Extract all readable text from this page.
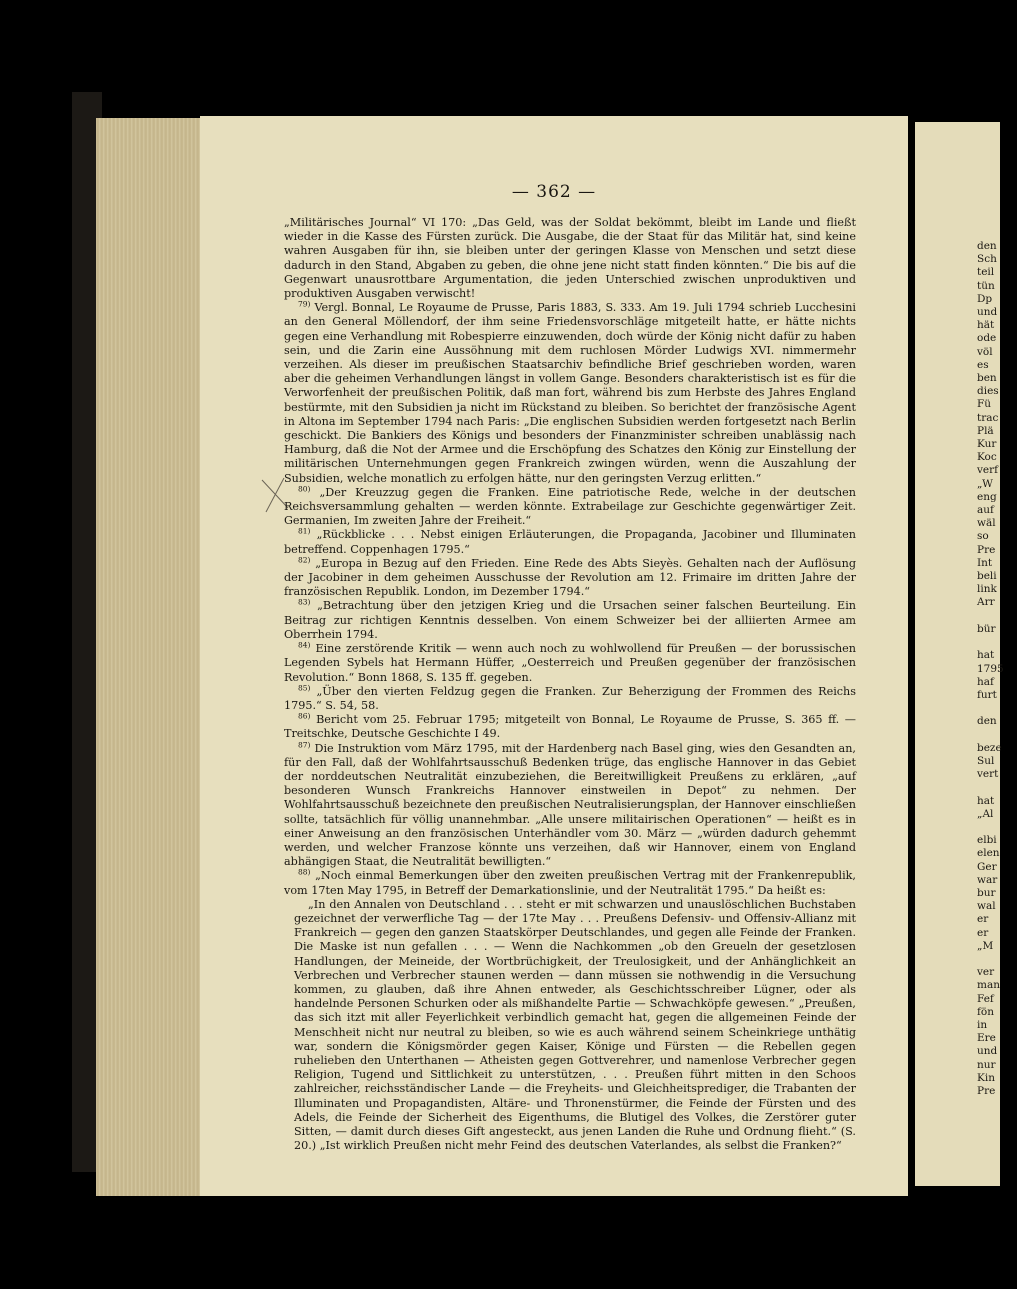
— 362 —

„Militärisches Journal“ VI 170: „Das Geld, was der Soldat bekömmt, bleibt im Lande und fließt wieder in die Kasse des Fürsten zurück. Die Ausgabe, die der Staat für das Militär hat, sind keine wahren Ausgaben für ihn, sie bleiben unter der geringen Klasse von Menschen und setzt diese dadurch in den Stand, Abgaben zu geben, die ohne jene nicht statt finden könnten.“ Die bis auf die Gegenwart unausrottbare Argumentation, die jeden Unterschied zwischen unproduktiven und produktiven Ausgaben verwischt!

$^{79)}$ Vergl. Bonnal, Le Royaume de Prusse, Paris 1883, S. 333. Am 19. Juli 1794 schrieb Lucchesini an den General Möllendorf, der ihm seine Friedensvorschläge mitgeteilt hatte, er hätte nichts gegen eine Verhandlung mit Robespierre einzuwenden, doch würde der König nicht dafür zu haben sein, und die Zarin eine Aussöhnung mit dem ruchlosen Mörder Ludwigs XVI. nimmermehr verzeihen. Als dieser im preußischen Staatsarchiv befindliche Brief geschrieben worden, waren aber die geheimen Verhandlungen längst in vollem Gange. Besonders charakteristisch ist es für die Verworfenheit der preußischen Politik, daß man fort, während bis zum Herbste des Jahres England bestürmte, mit den Subsidien ja nicht im Rückstand zu bleiben. So berichtet der französische Agent in Altona im September 1794 nach Paris: „Die englischen Subsidien werden fortgesetzt nach Berlin geschickt. Die Bankiers des Königs und besonders der Finanzminister schreiben unablässig nach Hamburg, daß die Not der Armee und die Erschöpfung des Schatzes den König zur Einstellung der militärischen Unternehmungen gegen Frankreich zwingen würden, wenn die Auszahlung der Subsidien, welche monatlich zu erfolgen hätte, nur den geringsten Verzug erlitten.“

$^{80)}$ „Der Kreuzzug gegen die Franken. Eine patriotische Rede, welche in der deutschen Reichsversammlung gehalten — werden könnte. Extrabeilage zur Geschichte gegenwärtiger Zeit. Germanien, Im zweiten Jahre der Freiheit.“

$^{81)}$ „Rückblicke . . . Nebst einigen Erläuterungen, die Propaganda, Jacobiner und Illuminaten betreffend. Coppenhagen 1795.“

$^{82)}$ „Europa in Bezug auf den Frieden. Eine Rede des Abts Sieyès. Gehalten nach der Auflösung der Jacobiner in dem geheimen Ausschusse der Revolution am 12. Frimaire im dritten Jahre der französischen Republik. London, im Dezember 1794.“

$^{83)}$ „Betrachtung über den jetzigen Krieg und die Ursachen seiner falschen Beurteilung. Ein Beitrag zur richtigen Kenntnis desselben. Von einem Schweizer bei der alliierten Armee am Oberrhein 1794.

$^{84)}$ Eine zerstörende Kritik — wenn auch noch zu wohlwollend für Preußen — der borussischen Legenden Sybels hat Hermann Hüffer, „Oesterreich und Preußen gegenüber der französischen Revolution.“ Bonn 1868, S. 135 ff. gegeben.

$^{85)}$ „Über den vierten Feldzug gegen die Franken. Zur Beherzigung der Frommen des Reichs 1795.“ S. 54, 58.

$^{86)}$ Bericht vom 25. Februar 1795; mitgeteilt von Bonnal, Le Royaume de Prusse, S. 365 ff. — Treitschke, Deutsche Geschichte I 49.

$^{87)}$ Die Instruktion vom März 1795, mit der Hardenberg nach Basel ging, wies den Gesandten an, für den Fall, daß der Wohlfahrtsausschuß Bedenken trüge, das englische Hannover in das Gebiet der norddeutschen Neutralität einzubeziehen, die Bereitwilligkeit Preußens zu erklären, „auf besonderen Wunsch Frankreichs Hannover einstweilen in Depot“ zu nehmen. Der Wohlfahrtsausschuß bezeichnete den preußischen Neutralisierungsplan, der Hannover einschließen sollte, tatsächlich für völlig unannehmbar. „Alle unsere militairischen Operationen“ — heißt es in einer Anweisung an den französischen Unterhändler vom 30. März — „würden dadurch gehemmt werden, und welcher Franzose könnte uns verzeihen, daß wir Hannover, einem von England abhängigen Staat, die Neutralität bewilligten.“

$^{88)}$ „Noch einmal Bemerkungen über den zweiten preußischen Vertrag mit der Frankenrepublik, vom 17ten May 1795, in Betreff der Demarkationslinie, und der Neutralität 1795.“ Da heißt es:

„In den Annalen von Deutschland . . . steht er mit schwarzen und unauslöschlichen Buchstaben gezeichnet der verwerfliche Tag — der 17te May . . . Preußens Defensiv- und Offensiv-Allianz mit Frankreich — gegen den ganzen Staatskörper Deutschlandes, und gegen alle Feinde der Franken. Die Maske ist nun gefallen . . . — Wenn die Nachkommen „ob den Greueln der gesetzlosen Handlungen, der Meineide, der Wortbrüchigkeit, der Treulosigkeit, und der Anhänglichkeit an Verbrechen und Verbrecher staunen werden — dann müssen sie nothwendig in die Versuchung kommen, zu glauben, daß ihre Ahnen entweder, als Geschichtsschreiber Lügner, oder als handelnde Personen Schurken oder als mißhandelte Partie — Schwachköpfe gewesen.“ „Preußen, das sich itzt mit aller Feyerlichkeit verbindlich gemacht hat, gegen die allgemeinen Feinde der Menschheit nicht nur neutral zu bleiben, so wie es auch während seinem Scheinkriege unthätig war, sondern die Königsmörder gegen Kaiser, Könige und Fürsten — die Rebellen gegen ruhelieben den Unterthanen — Atheisten gegen Gottverehrer, und namenlose Verbrecher gegen Religion, Tugend und Sittlichkeit zu unterstützen, . . . Preußen führt mitten in den Schoos zahlreicher, reichsständischer Lande — die Freyheits- und Gleichheitsprediger, die Trabanten der Illuminaten und Propagandisten, Altäre- und Thronenstürmer, die Feinde der Fürsten und des Adels, die Feinde der Sicherheit des Eigenthums, die Blutigel des Volkes, die Zerstörer guter Sitten, — damit durch dieses Gift angesteckt, aus jenen Landen die Ruhe und Ordnung flieht.“ (S. 20.) „Ist wirklich Preußen nicht mehr Feind des deutschen Vaterlandes, als selbst die Franken?“

den
Sch
teil
tün
Dp
und
hät
ode
völ
es
ben
dies
Fü
trac
Plä
Kur
Koc
verf
„W
eng
auf
wäl
so
Pre
Int
beli
link
Arr

bür

hat
1795
haf
furt

den

beze
Sul
vert

hat
„Al

elbi
elen
Ger
war
bur
wal
er
er
„M

ver
man
Fef
fön
in
Ere
und
nur
Kin
Pre
